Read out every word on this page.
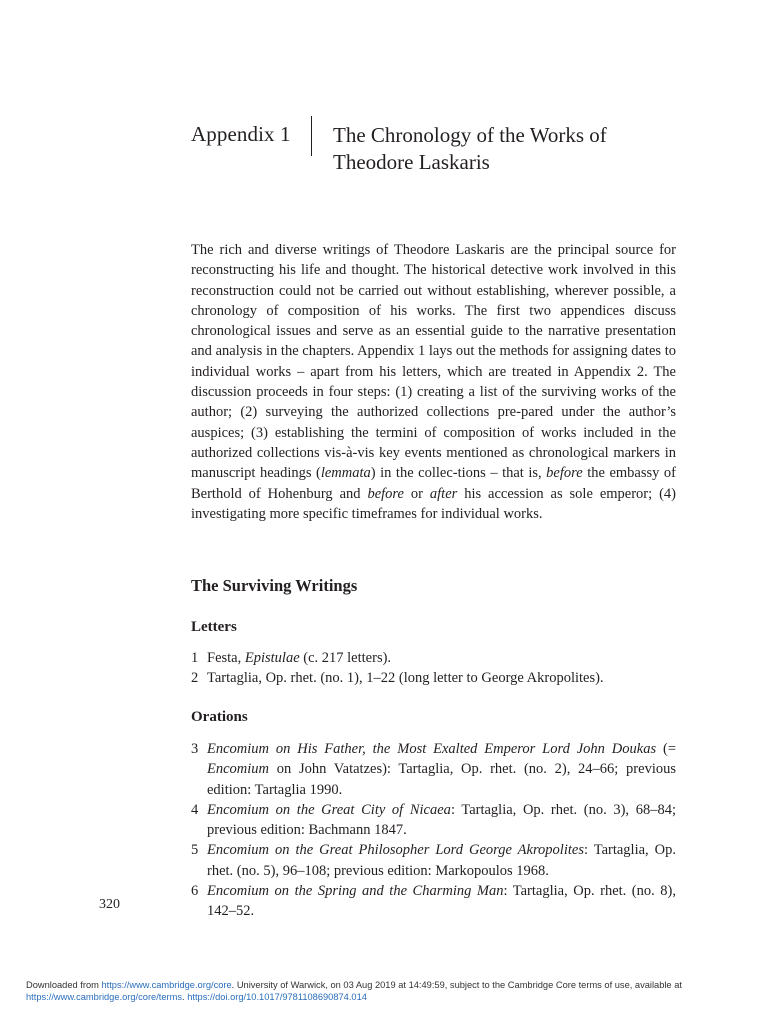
Appendix 1 The Chronology of the Works of
Theodore Laskaris

The rich and diverse writings of Theodore Laskaris are the principal source for reconstructing his life and thought. The historical detective work involved in this reconstruction could not be carried out without establishing, wherever possible, a chronology of composition of his works. The first two appendices discuss chronological issues and serve as an essential guide to the narrative presentation and analysis in the chapters. Appendix 1 lays out the methods for assigning dates to individual works – apart from his letters, which are treated in Appendix 2. The discussion proceeds in four steps: (1) creating a list of the surviving works of the author; (2) surveying the authorized collections pre-pared under the author’s auspices; (3) establishing the termini of composition of works included in the authorized collections vis-à-vis key events mentioned as chronological markers in manuscript headings (lemmata) in the collec-tions – that is, before the embassy of Berthold of Hohenburg and before or after his accession as sole emperor; (4) investigating more specific timeframes for individual works.

The Surviving Writings
Letters
1 Festa, Epistulae (c. 217 letters).
2 Tartaglia, Op. rhet. (no. 1), 1–22 (long letter to George Akropolites).
Orations
3 Encomium on His Father, the Most Exalted Emperor Lord John Doukas (= Encomium on John Vatatzes): Tartaglia, Op. rhet. (no. 2), 24–66; previous edition: Tartaglia 1990.
4 Encomium on the Great City of Nicaea: Tartaglia, Op. rhet. (no. 3), 68–84; previous edition: Bachmann 1847.
5 Encomium on the Great Philosopher Lord George Akropolites: Tartaglia, Op. rhet. (no. 5), 96–108; previous edition: Markopoulos 1968.
6 Encomium on the Spring and the Charming Man: Tartaglia, Op. rhet. (no. 8), 142–52.
320
Downloaded from https://www.cambridge.org/core. University of Warwick, on 03 Aug 2019 at 14:49:59, subject to the Cambridge Core terms of use, available at
https://www.cambridge.org/core/terms. https://doi.org/10.1017/9781108690874.014
